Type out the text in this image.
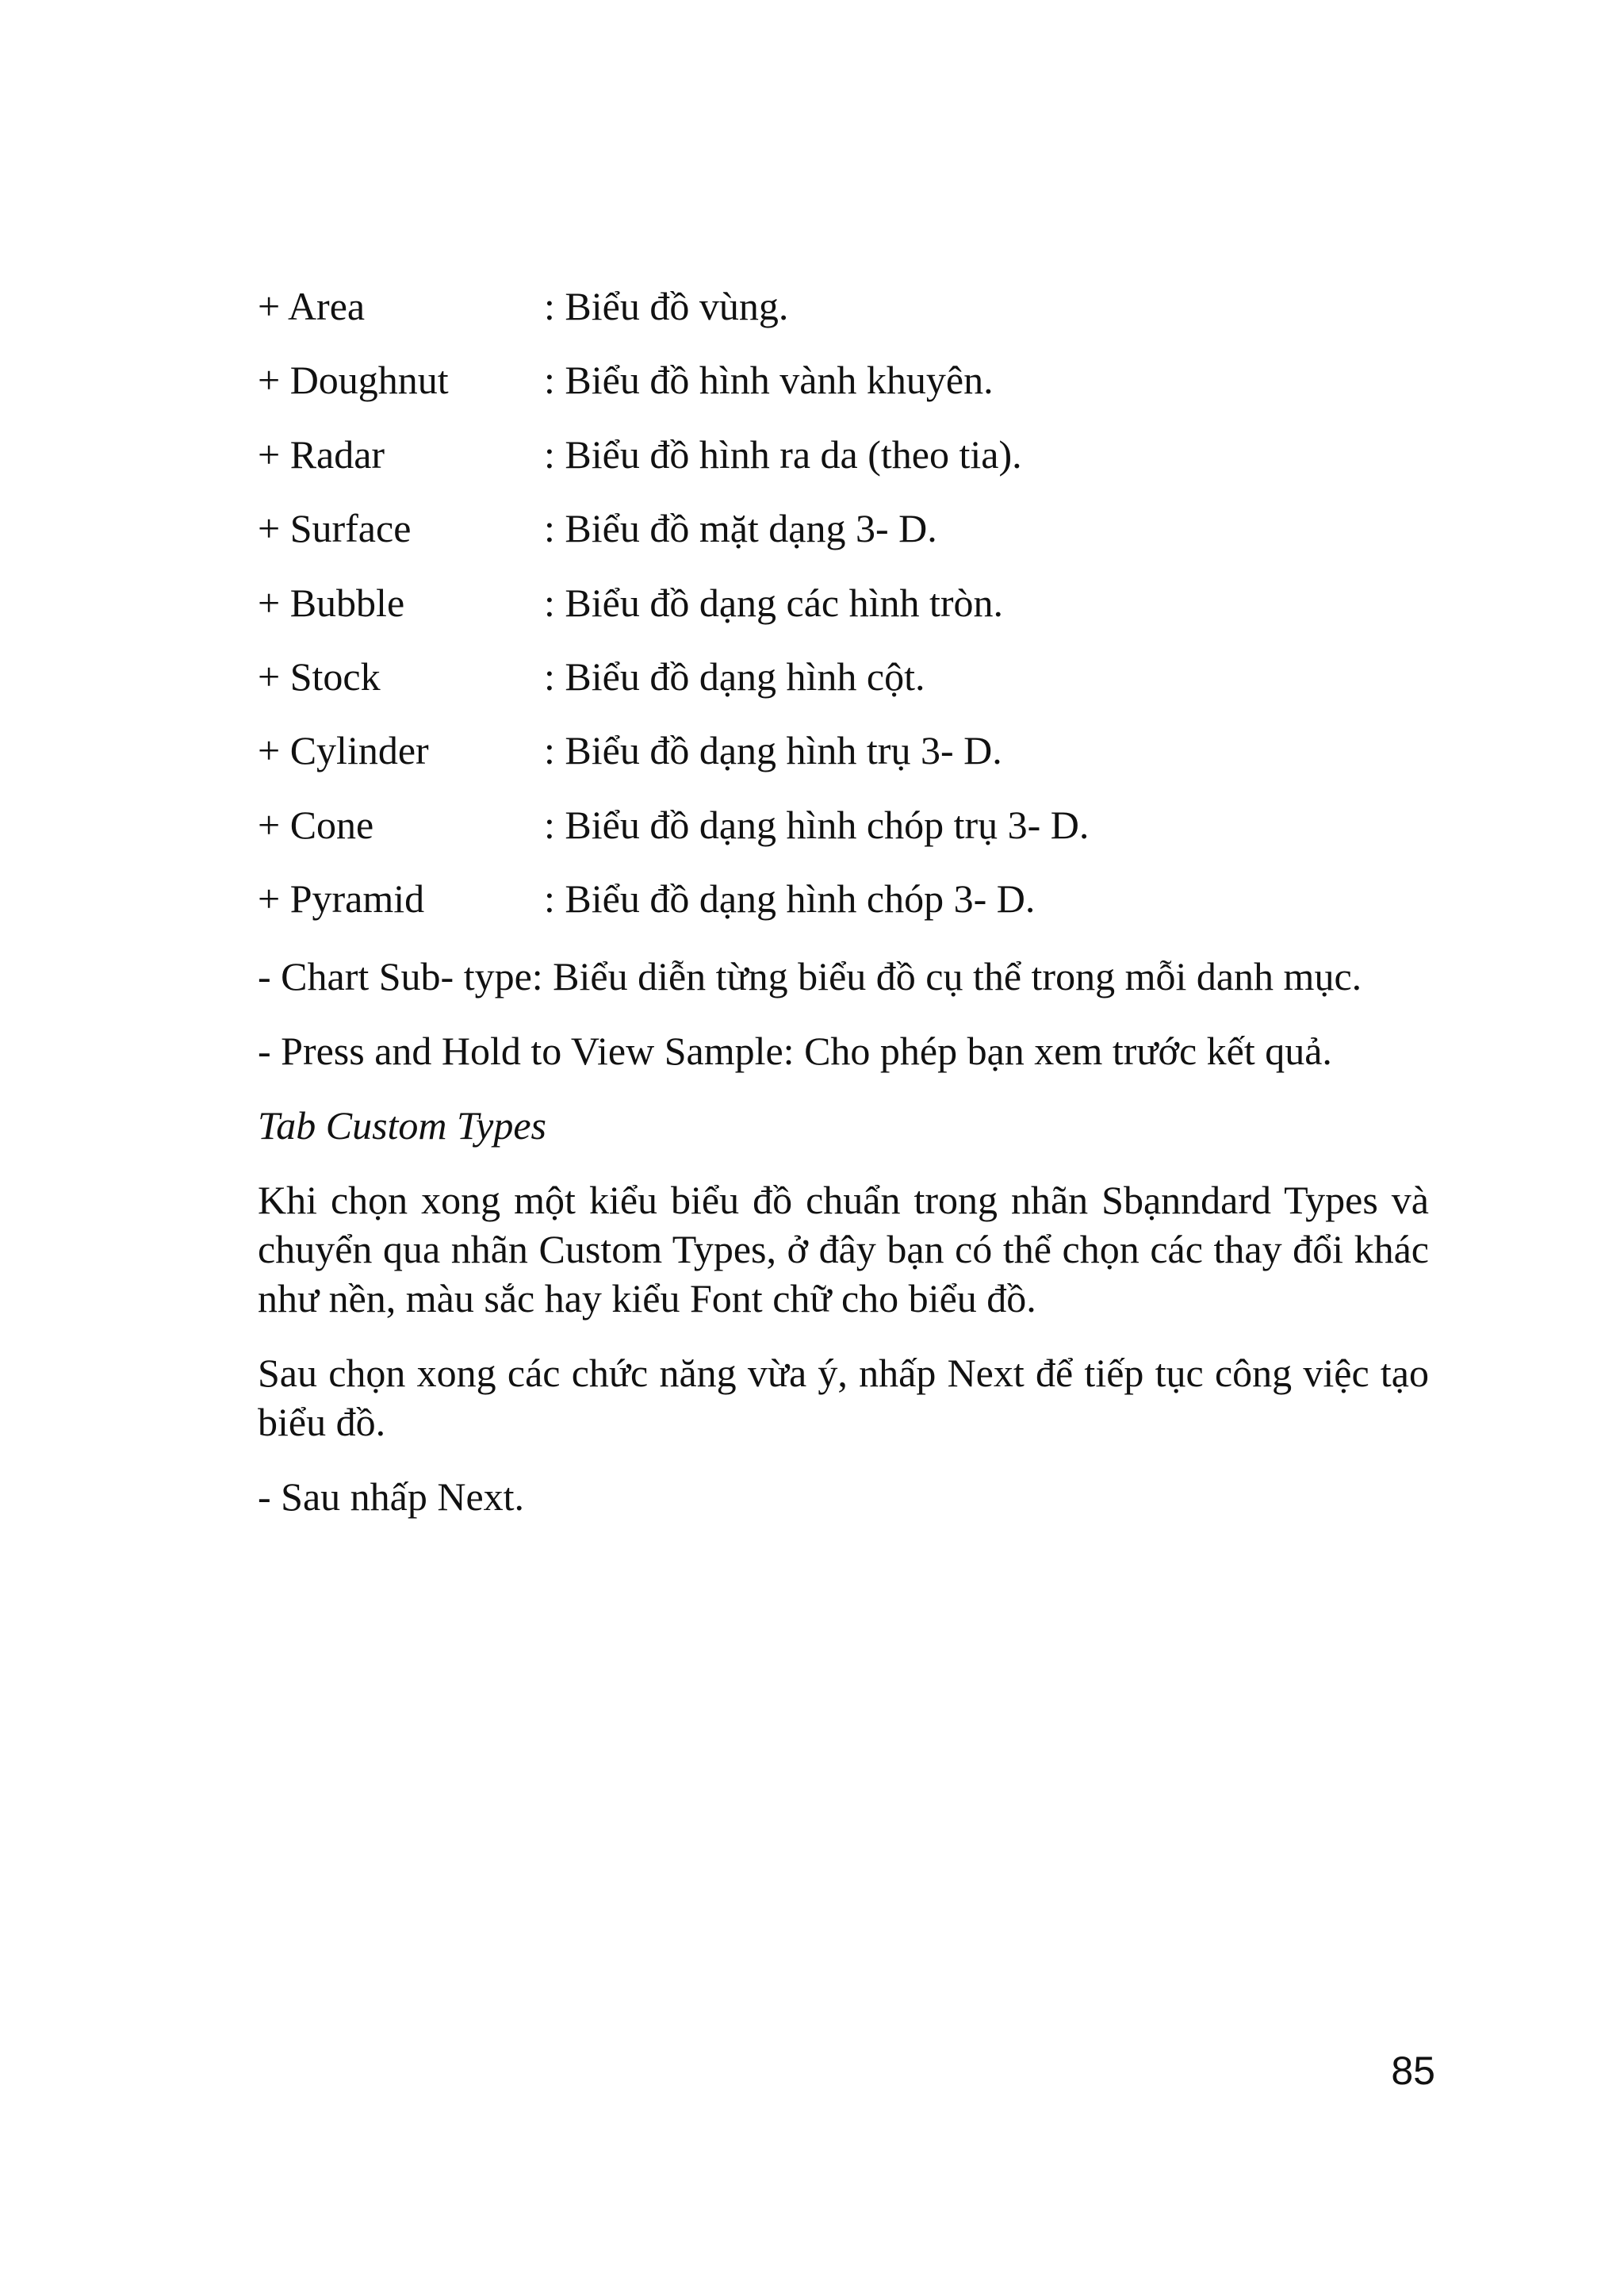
+ Area	: Biểu đồ vùng.
+ Doughnut	: Biểu đồ hình vành khuyên.
+ Radar	: Biểu đồ hình ra da (theo tia).
+ Surface	: Biểu đồ mặt dạng 3- D.
+ Bubble	: Biểu đồ dạng các hình tròn.
+ Stock	: Biểu đồ dạng hình cột.
+ Cylinder	: Biểu đồ dạng hình trụ 3- D.
+ Cone	: Biểu đồ dạng hình chóp trụ 3- D.
+ Pyramid	: Biểu đồ dạng hình chóp 3- D.

- Chart Sub- type: Biểu diễn từng biểu đồ cụ thể trong mỗi danh mục.

- Press and Hold to View Sample: Cho phép bạn xem trước kết quả.

Tab Custom Types

Khi chọn xong một kiểu biểu đồ chuẩn trong nhãn Sbạnndard Types và chuyển qua nhãn Custom Types, ở đây bạn có thể chọn các thay đổi khác như nền, màu sắc hay kiểu Font chữ cho biểu đồ.

Sau chọn xong các chức năng vừa ý, nhấp Next để tiếp tục công việc tạo biểu đồ.

- Sau nhấp Next.

85
